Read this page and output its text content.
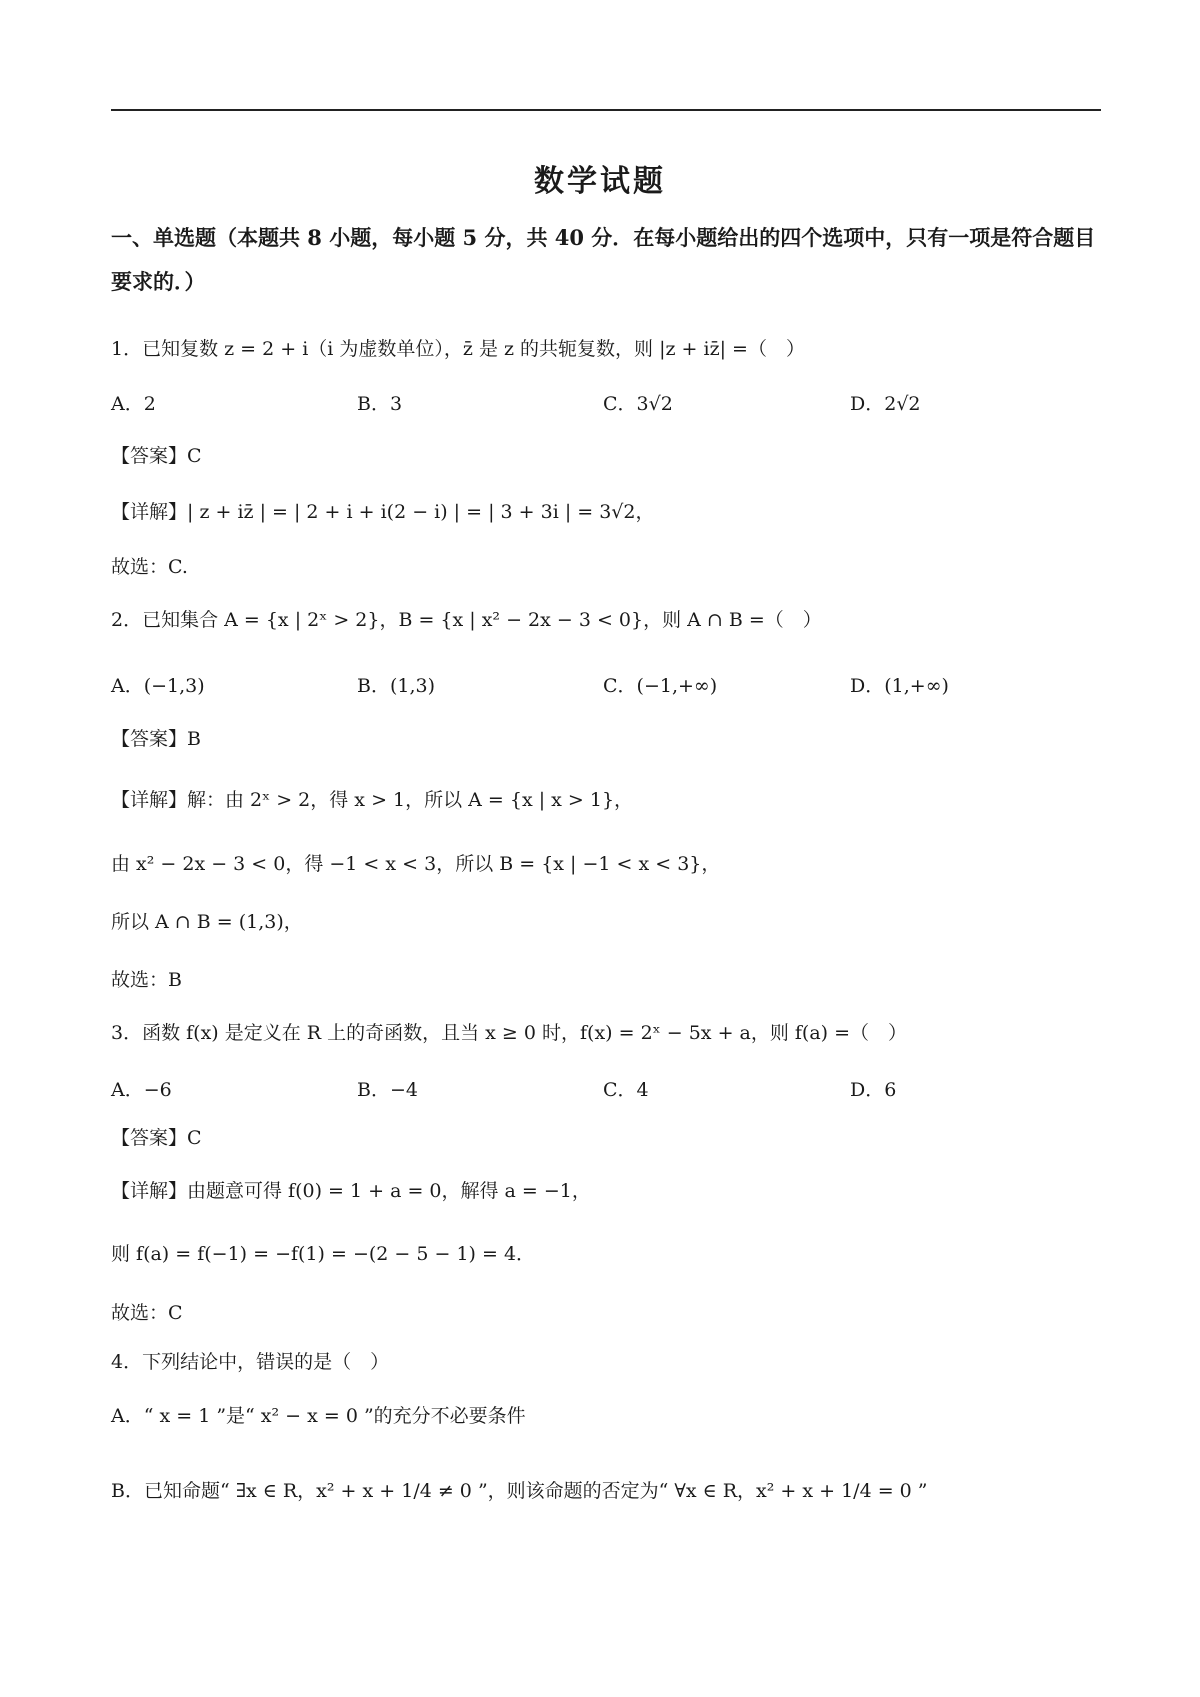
数学试题
一、单选题（本题共 8 小题，每小题 5 分，共 40 分．在每小题给出的四个选项中，只有一项是符合题目要求的．）
1．已知复数 z = 2 + i（i 为虚数单位），z̄ 是 z 的共轭复数，则 |z + iz̄| =（　）
A．2	B．3	C．3√2	D．2√2
【答案】C
【详解】| z + iz̄ | = | 2 + i + i(2 − i) | = | 3 + 3i | = 3√2，
故选：C.
2．已知集合 A = {x | 2ˣ > 2}，B = {x | x² − 2x − 3 < 0}，则 A ∩ B =（　）
A．(−1,3)	B．(1,3)	C．(−1,+∞)	D．(1,+∞)
【答案】B
【详解】解：由 2ˣ > 2，得 x > 1，所以 A = {x | x > 1}，
由 x² − 2x − 3 < 0，得 −1 < x < 3，所以 B = {x | −1 < x < 3}，
所以 A ∩ B = (1,3)，
故选：B
3．函数 f(x) 是定义在 R 上的奇函数，且当 x ≥ 0 时，f(x) = 2ˣ − 5x + a，则 f(a) =（　）
A．−6	B．−4	C．4	D．6
【答案】C
【详解】由题意可得 f(0) = 1 + a = 0，解得 a = −1，
则 f(a) = f(−1) = −f(1) = −(2 − 5 − 1) = 4．
故选：C
4．下列结论中，错误的是（　）
A．“ x = 1 ”是“ x² − x = 0 ”的充分不必要条件
B．已知命题“ ∃x ∈ R，x² + x + 1/4 ≠ 0 ”，则该命题的否定为“ ∀x ∈ R，x² + x + 1/4 = 0 ”
